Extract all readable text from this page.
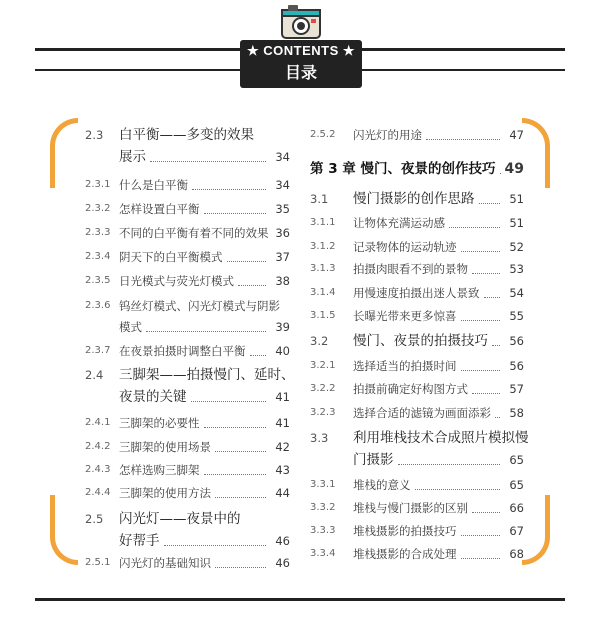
★ CONTENTS ★
目录
2.3 白平衡——多变的效果
展示	34
2.3.1 什么是白平衡	34
2.3.2 怎样设置白平衡	35
2.3.3 不同的白平衡有着不同的效果 36
2.3.4 阴天下的白平衡模式	37
2.3.5 日光模式与荧光灯模式	38
2.3.6 钨丝灯模式、闪光灯模式与阴影
模式	39
2.3.7 在夜景拍摄时调整白平衡	40
2.4 三脚架——拍摄慢门、延时、
夜景的关键	41
2.4.1 三脚架的必要性	41
2.4.2 三脚架的使用场景	42
2.4.3 怎样选购三脚架	43
2.4.4 三脚架的使用方法	44
2.5 闪光灯——夜景中的
好帮手	46
2.5.1 闪光灯的基础知识	46
2.5.2 闪光灯的用途	47
第 3 章 慢门、夜景的创作技巧 49
3.1 慢门摄影的创作思路	51
3.1.1 让物体充满运动感	51
3.1.2 记录物体的运动轨迹	52
3.1.3 拍摄肉眼看不到的景物	53
3.1.4 用慢速度拍摄出迷人景致	54
3.1.5 长曝光带来更多惊喜	55
3.2 慢门、夜景的拍摄技巧	56
3.2.1 选择适当的拍摄时间	56
3.2.2 拍摄前确定好构图方式	57
3.2.3 选择合适的滤镜为画面添彩	58
3.3 利用堆栈技术合成照片模拟慢
门摄影	65
3.3.1 堆栈的意义	65
3.3.2 堆栈与慢门摄影的区别	66
3.3.3 堆栈摄影的拍摄技巧	67
3.3.4 堆栈摄影的合成处理	68
